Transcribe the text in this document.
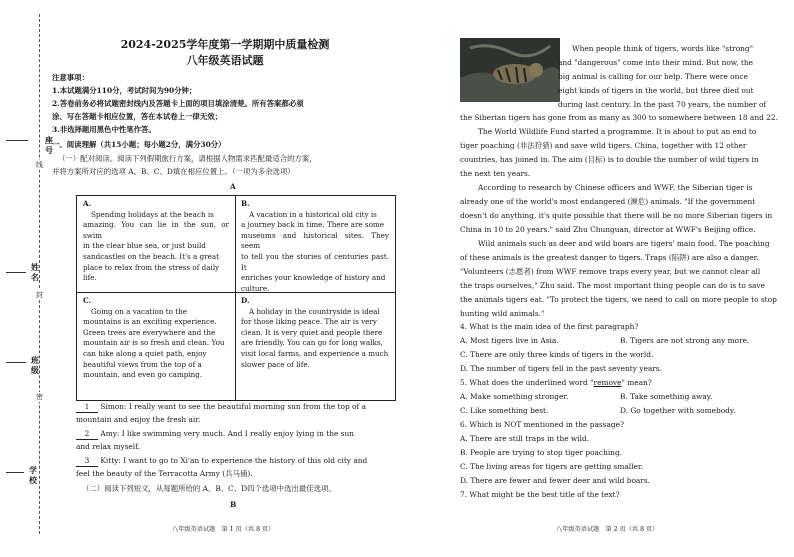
座号
姓名
班级
学校
线
封
密
2024-2025学年度第一学期期中质量检测
八年级英语试题
注意事项：
1.本试题满分110分，考试时间为90分钟；
2.答卷前务必将试题密封线内及答题卡上面的项目填涂清楚。所有答案都必须
涂、写在答题卡相应位置，答在本试卷上一律无效；
3.非选择题用黑色中性笔作答。
一、阅读理解（共15小题；每小题2分，满分30分）
（一）配对阅读。阅读下列假期旅行方案，请根据人物需求匹配最适合的方案，
并将方案所对应的选项 A、B、C、D填在相应位置上。（一项为多余选项）
A
A.
Spending holidays at the beach is
amazing. You can lie in the sun, or swim
in the clear blue sea, or just build
sandcastles on the beach. It's a great
place to relax from the stress of daily
life.
B.
A vacation in a historical old city is
a journey back in time. There are some
museums and historical sites. They seem
to tell you the stories of centuries past. It
enriches your knowledge of history and
culture.
C.
Going on a vacation to the
mountains is an exciting experience.
Green trees are everywhere and the
mountain air is so fresh and clean. You
can hike along a quiet path, enjoy
beautiful views from the top of a
mountain, and even go camping.
D.
A holiday in the countryside is ideal
for those liking peace. The air is very
clean. It is very quiet and people there
are friendly. You can go for long walks,
visit local farms, and experience a much
slower pace of life.
1 Simon: I really want to see the beautiful morning sun from the top of a
mountain and enjoy the fresh air.
2 Amy: I like swimming very much. And I really enjoy lying in the sun
and relax myself.
3 Kitty: I want to go to Xi'an to experience the history of this old city and
feel the beauty of the Terracotta Army (兵马俑).
（二）阅读下列短文，从每题所给的 A、B、C、D四个选项中选出最佳选项。
B
八年级英语试题　第 1 页（共 8 页）
When people think of tigers, words like "strong"
and "dangerous" come into their mind. But now, the
big animal is calling for our help. There were once
eight kinds of tigers in the world, but three died out
during last century. In the past 70 years, the number of
the Siberian tigers has gone from as many as 300 to somewhere between 18 and 22.
The World Wildlife Fund started a programme. It is about to put an end to
tiger poaching (非法狩猎) and save wild tigers. China, together with 12 other
countries, has joined in. The aim (目标) is to double the number of wild tigers in
the next ten years.
According to research by Chinese officers and WWF, the Siberian tiger is
already one of the world's most endangered (濒危) animals. "If the government
doesn't do anything, it's quite possible that there will be no more Siberian tigers in
China in 10 to 20 years." said Zhu Chunguan, director at WWF's Beijing office.
Wild animals such as deer and wild boars are tigers' main food. The poaching
of these animals is the greatest danger to tigers. Traps (陷阱) are also a danger.
"Volunteers (志愿者) from WWF remove traps every year, but we cannot clear all
the traps ourselves," Zhu said. The most important thing people can do is to save
the animals tigers eat. "To protect the tigers, we need to call on more people to stop
hunting wild animals."
4. What is the main idea of the first paragraph?
A. Most tigers live in Asia.	B. Tigers are not strong any more.
C. There are only three kinds of tigers in the world.
D. The number of tigers fell in the past seventy years.
5. What does the underlined word "remove" mean?
A. Make something stronger.	B. Take something away.
C. Like something best.	D. Go together with somebody.
6. Which is NOT mentioned in the passage?
A. There are still traps in the wild.
B. People are trying to stop tiger poaching.
C. The living areas for tigers are getting smaller.
D. There are fewer and fewer deer and wild boars.
7. What might be the best title of the text?
八年级英语试题　第 2 页（共 8 页）
